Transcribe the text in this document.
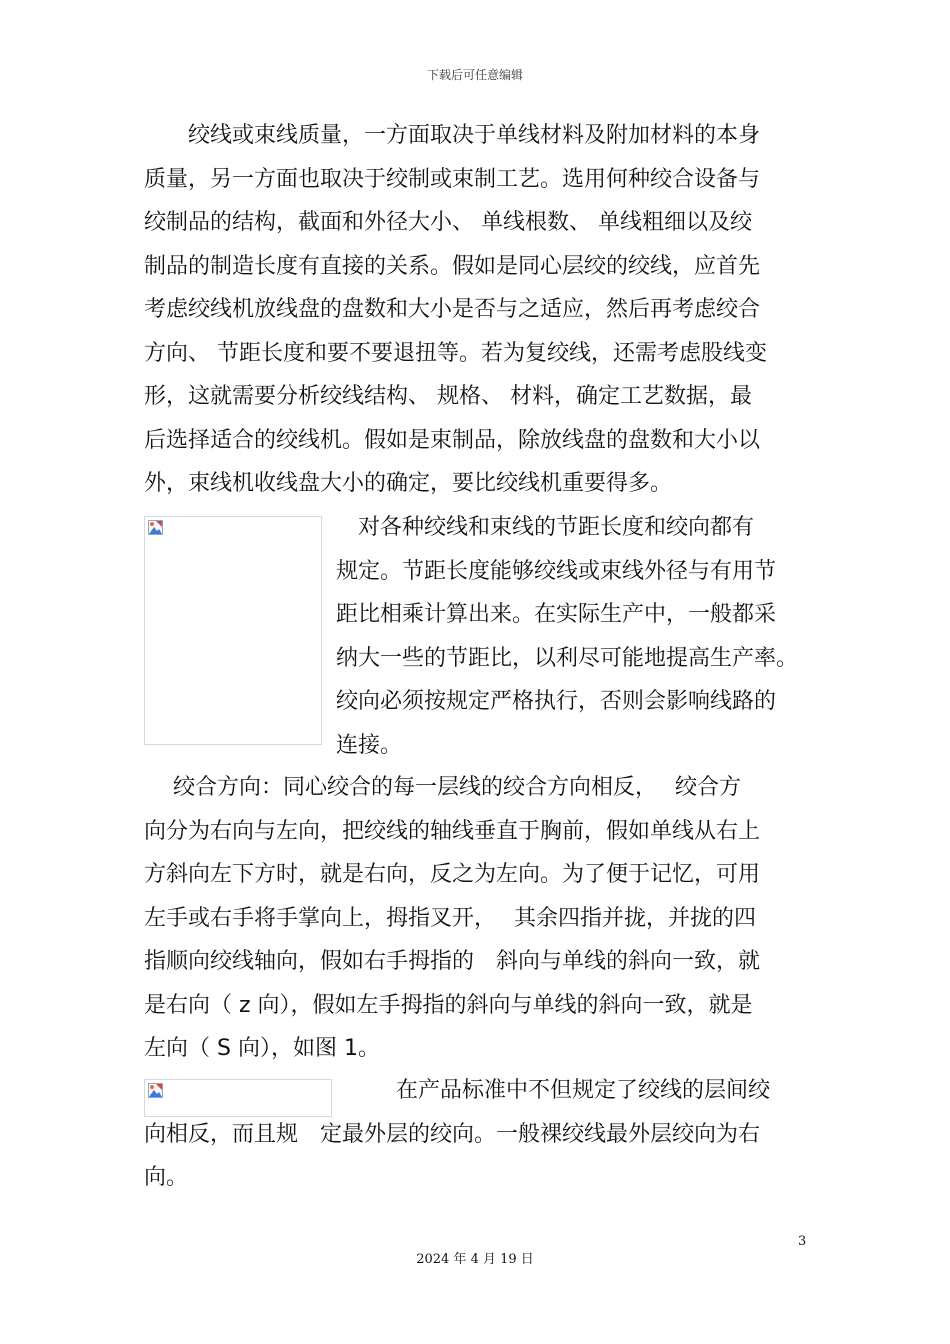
下载后可任意编辑
　　绞线或束线质量，一方面取决于单线材料及附加材料的本身
质量，另一方面也取决于绞制或束制工艺。选用何种绞合设备与
绞制品的结构，截面和外径大小、 单线根数、 单线粗细以及绞
制品的制造长度有直接的关系。假如是同心层绞的绞线，应首先
考虑绞线机放线盘的盘数和大小是否与之适应，然后再考虑绞合
方向、 节距长度和要不要退扭等。若为复绞线，还需考虑股线变
形，这就需要分析绞线结构、 规格、 材料，确定工艺数据，最
后选择适合的绞线机。假如是束制品，除放线盘的盘数和大小以
外，束线机收线盘大小的确定，要比绞线机重要得多。
　对各种绞线和束线的节距长度和绞向都有
规定。节距长度能够绞线或束线外径与有用节
距比相乘计算出来。在实际生产中，一般都采
纳大一些的节距比，以利尽可能地提高生产率。
绞向必须按规定严格执行，否则会影响线路的
连接。
　 绞合方向：同心绞合的每一层线的绞合方向相反，　 绞合方
向分为右向与左向，把绞线的轴线垂直于胸前，假如单线从右上
方斜向左下方时，就是右向，反之为左向。为了便于记忆，可用
左手或右手将手掌向上，拇指叉开，　 其余四指并拢，并拢的四
指顺向绞线轴向，假如右手拇指的　斜向与单线的斜向一致，就
是右向（ z 向），假如左手拇指的斜向与单线的斜向一致，就是
左向（ S 向），如图 1。
在产品标准中不但规定了绞线的层间绞
向相反，而且规　定最外层的绞向。一般裸绞线最外层绞向为右
向。
3
2024 年 4 月 19 日
